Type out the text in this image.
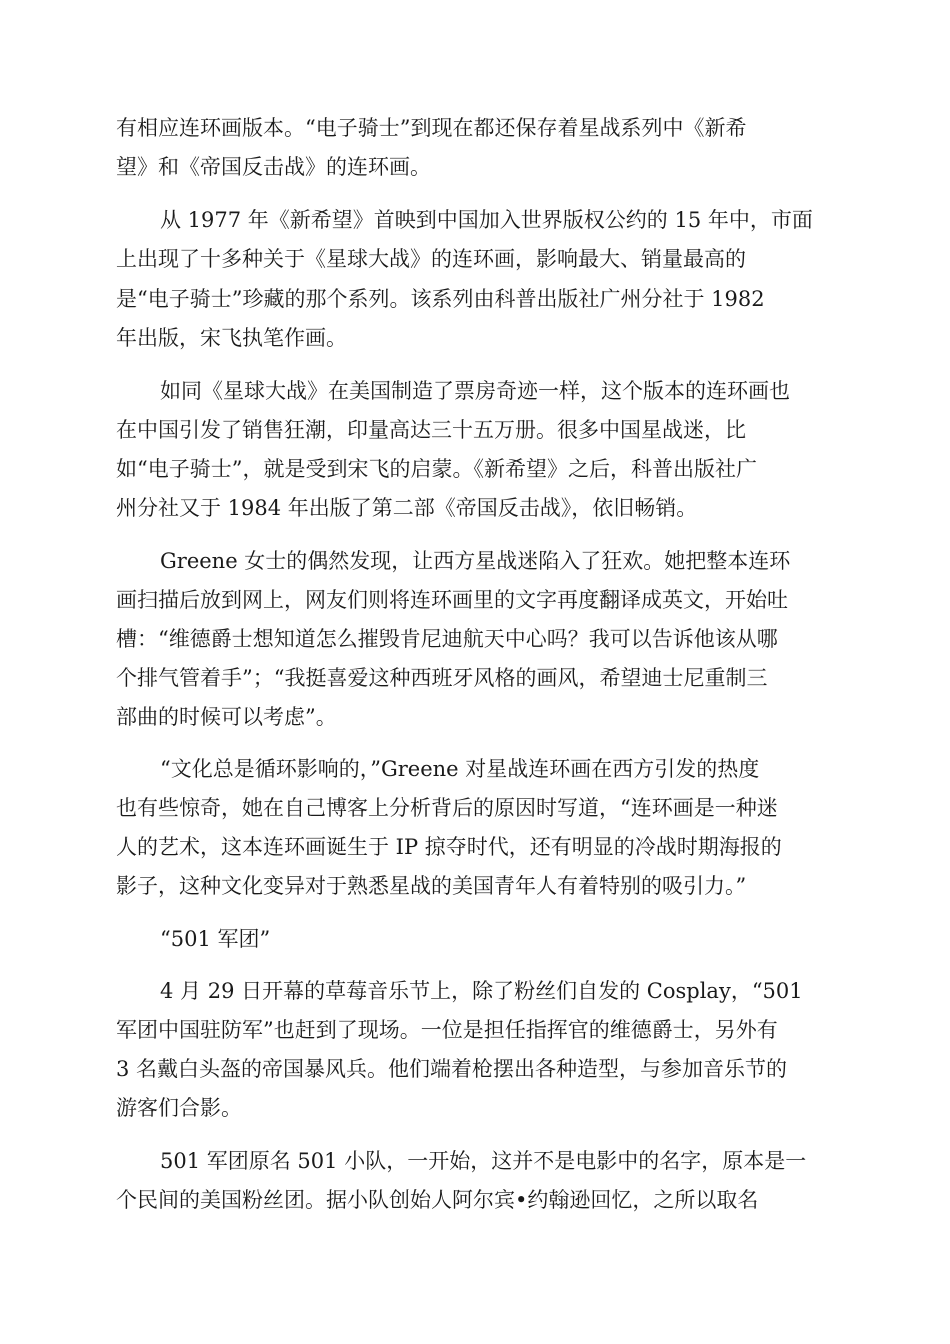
有相应连环画版本。“电子骑士”到现在都还保存着星战系列中《新希
望》和《帝国反击战》的连环画。
从 1977 年《新希望》首映到中国加入世界版权公约的 15 年中，市面
上出现了十多种关于《星球大战》的连环画，影响最大、销量最高的
是“电子骑士”珍藏的那个系列。该系列由科普出版社广州分社于 1982
年出版，宋飞执笔作画。
如同《星球大战》在美国制造了票房奇迹一样，这个版本的连环画也
在中国引发了销售狂潮，印量高达三十五万册。很多中国星战迷，比
如“电子骑士”，就是受到宋飞的启蒙。《新希望》之后，科普出版社广
州分社又于 1984 年出版了第二部《帝国反击战》，依旧畅销。
Greene 女士的偶然发现，让西方星战迷陷入了狂欢。她把整本连环
画扫描后放到网上，网友们则将连环画里的文字再度翻译成英文，开始吐
槽：“维德爵士想知道怎么摧毁肯尼迪航天中心吗？我可以告诉他该从哪
个排气管着手”；“我挺喜爱这种西班牙风格的画风，希望迪士尼重制三
部曲的时候可以考虑”。
“文化总是循环影响的，”Greene 对星战连环画在西方引发的热度
也有些惊奇，她在自己博客上分析背后的原因时写道，“连环画是一种迷
人的艺术，这本连环画诞生于 IP 掠夺时代，还有明显的冷战时期海报的
影子，这种文化变异对于熟悉星战的美国青年人有着特别的吸引力。”
“501 军团”
4 月 29 日开幕的草莓音乐节上，除了粉丝们自发的 Cosplay，“501
军团中国驻防军”也赶到了现场。一位是担任指挥官的维德爵士，另外有
3 名戴白头盔的帝国暴风兵。他们端着枪摆出各种造型，与参加音乐节的
游客们合影。
501 军团原名 501 小队，一开始，这并不是电影中的名字，原本是一
个民间的美国粉丝团。据小队创始人阿尔宾•约翰逊回忆，之所以取名
